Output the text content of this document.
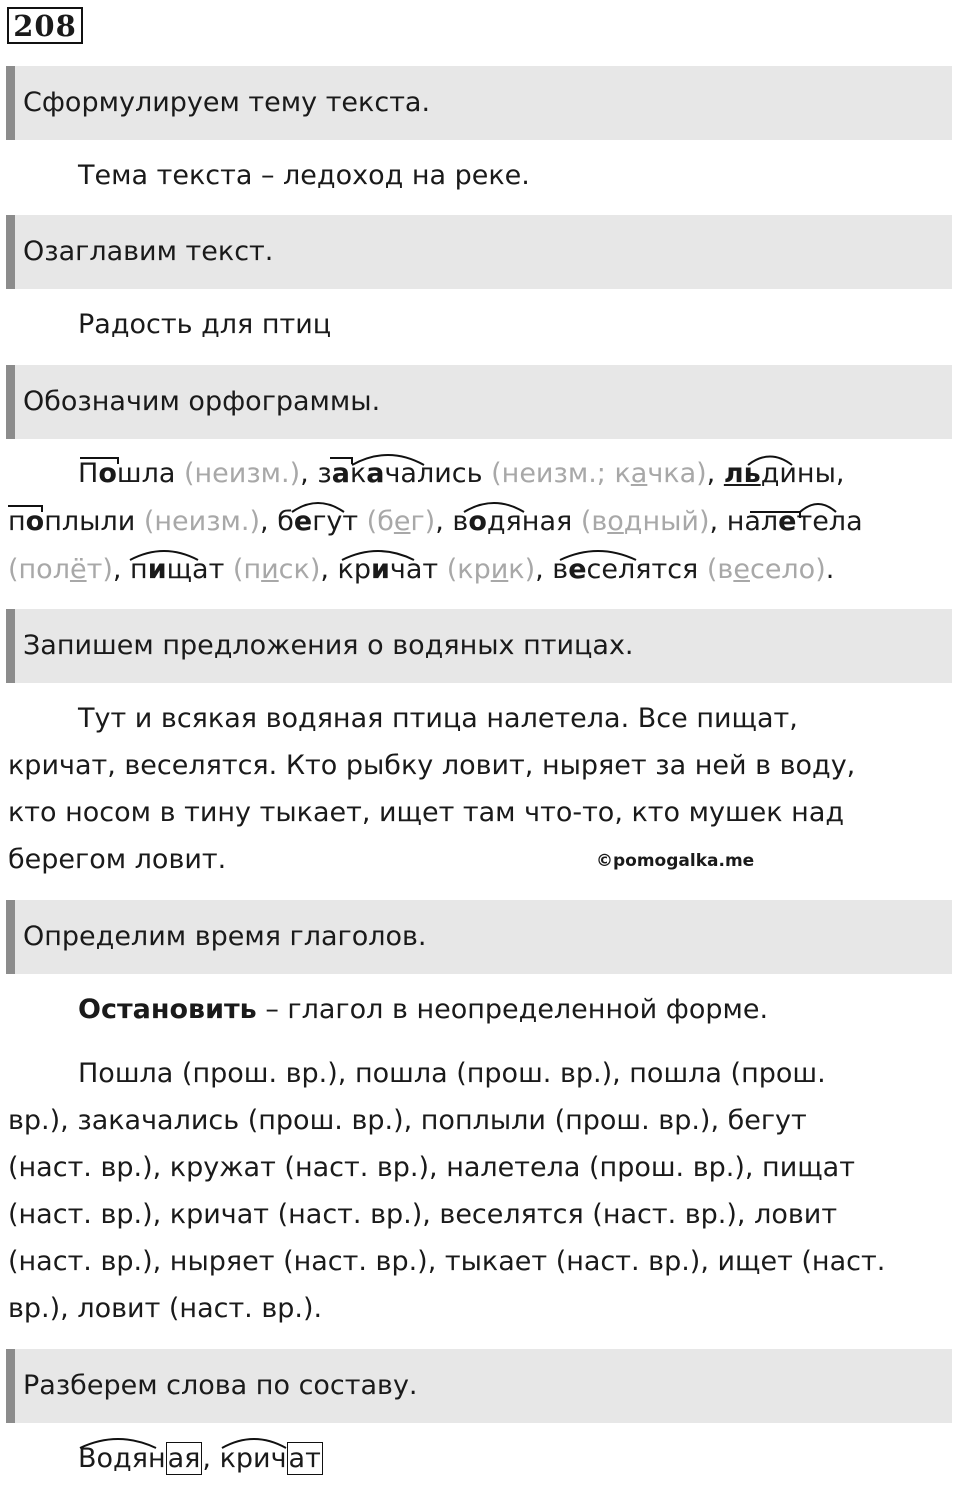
208
Сформулируем тему текста.
Тема текста – ледоход на реке.
Озаглавим текст.
Радость для птиц
Обозначим орфограммы.
Пошла (неизм.), закачались (неизм.; качка), льдины,
поплыли (неизм.), бегут (бег), водяная (водный), налетела
(полёт), пищат (писк), кричат (крик), веселятся (весело).
Запишем предложения о водяных птицах.
Тут и всякая водяная птица налетела. Все пищат,
кричат, веселятся. Кто рыбку ловит, ныряет за ней в воду,
кто носом в тину тыкает, ищет там что-то, кто мушек над
берегом ловит.	©pomogalka.me
Определим время глаголов.
Остановить – глагол в неопределенной форме.
Пошла (прош. вр.), пошла (прош. вр.), пошла (прош.
вр.), закачались (прош. вр.), поплыли (прош. вр.), бегут
(наст. вр.), кружат (наст. вр.), налетела (прош. вр.), пищат
(наст. вр.), кричат (наст. вр.), веселятся (наст. вр.), ловит
(наст. вр.), ныряет (наст. вр.), тыкает (наст. вр.), ищет (наст.
вр.), ловит (наст. вр.).
Разберем слова по составу.
Водяная, кричат
